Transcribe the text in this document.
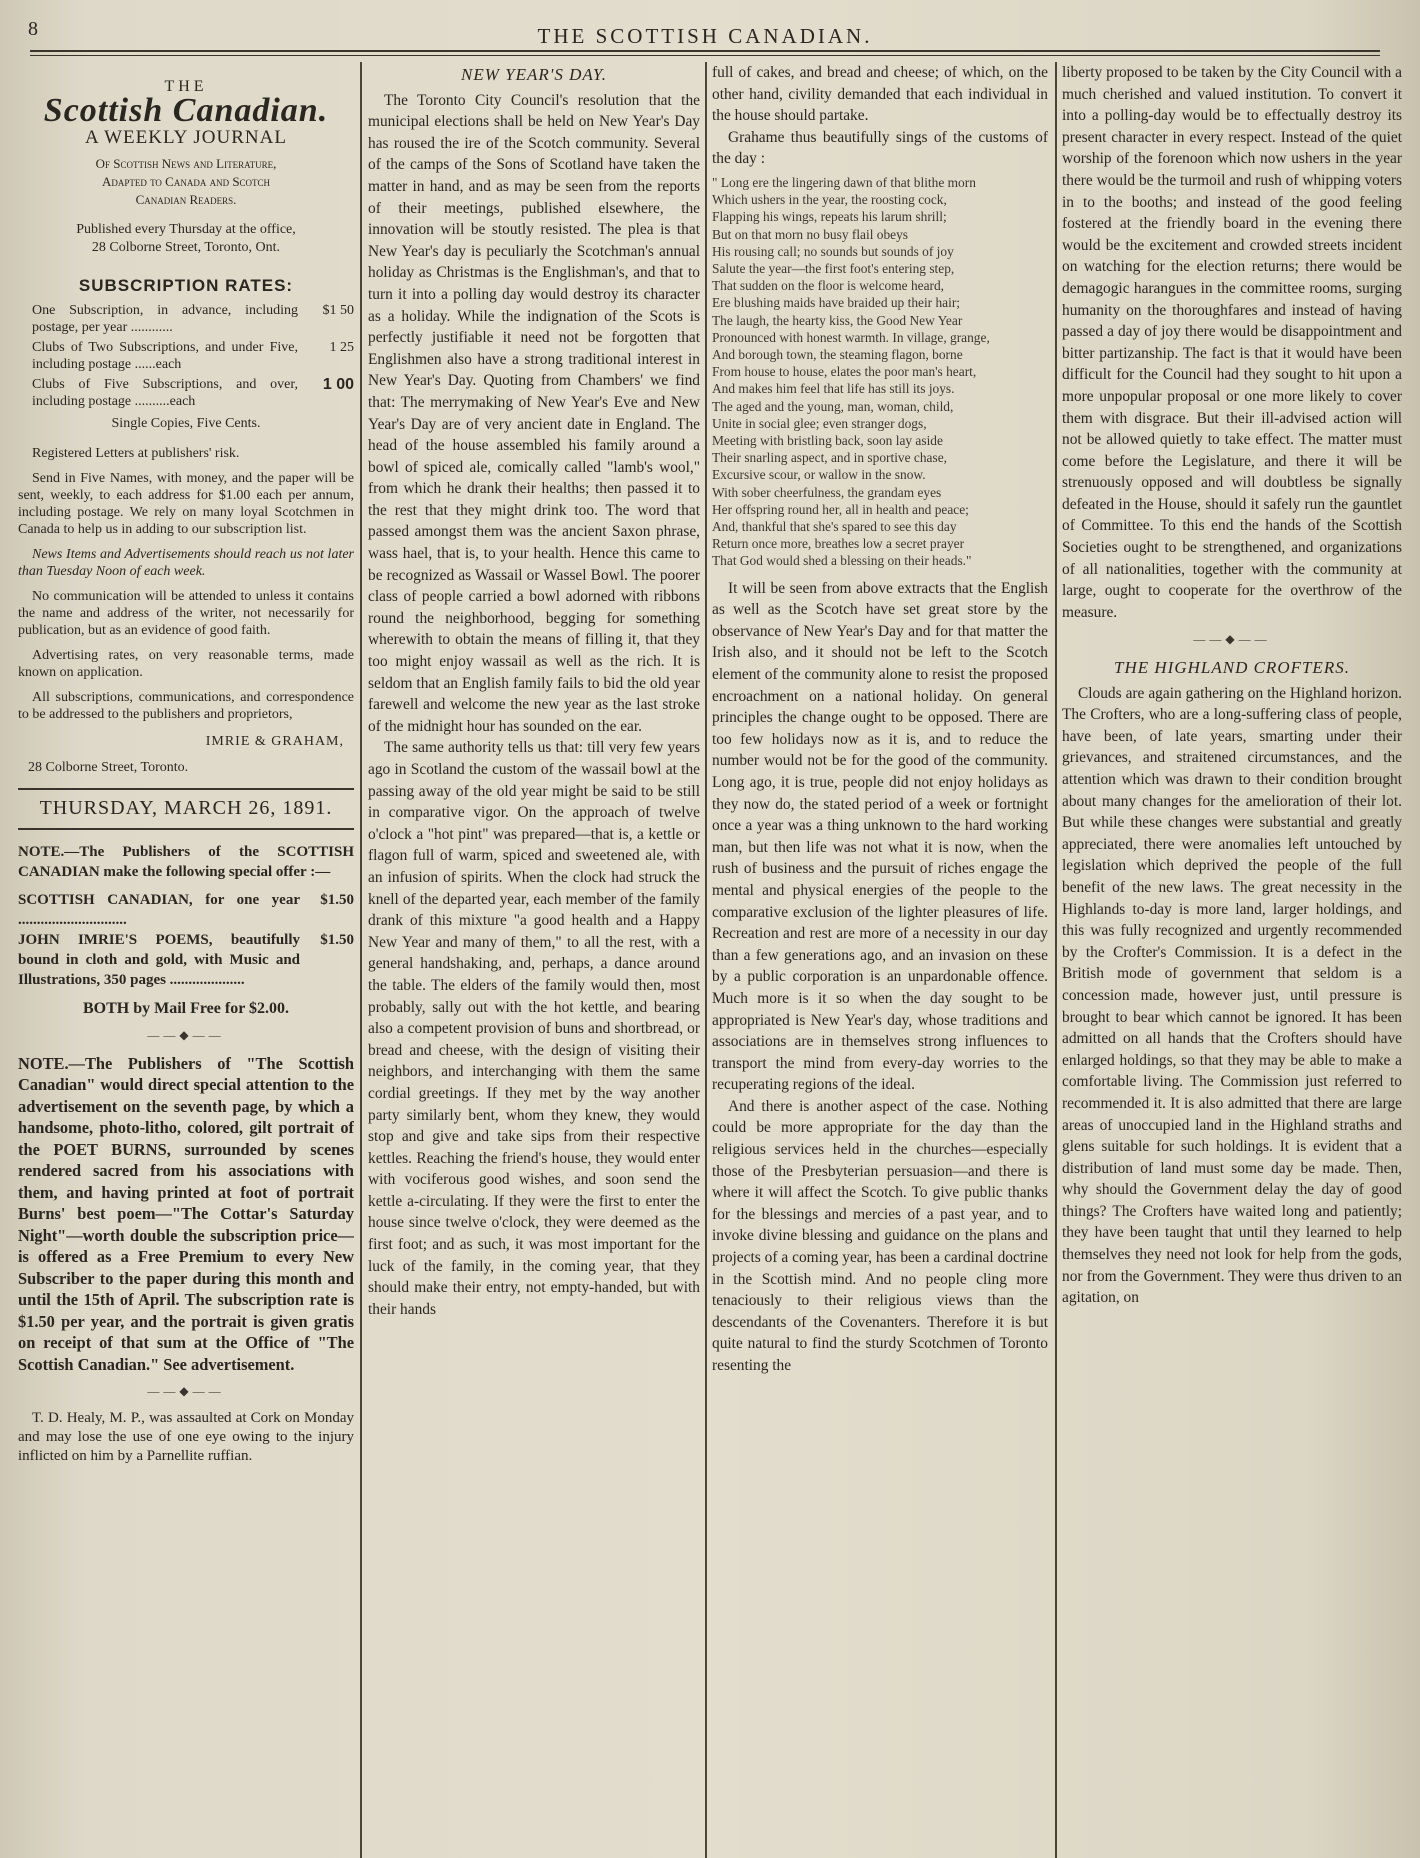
8	THE SCOTTISH CANADIAN.
THE
Scottish Canadian.
A WEEKLY JOURNAL
Of Scottish News and Literature,
Adapted to Canada and Scotch
Canadian Readers.
Published every Thursday at the office,
28 Colborne Street, Toronto, Ont.
SUBSCRIPTION RATES:
One Subscription, in advance, including postage, per year ............
$1 50
Clubs of Two Subscriptions, and under Five, including postage ......each
1 25
Clubs of Five Subscriptions, and over, including postage ..........each
1 00
Single Copies, Five Cents.
Registered Letters at publishers' risk.
Send in Five Names, with money, and the paper will be sent, weekly, to each address for $1.00 each per annum, including postage. We rely on many loyal Scotchmen in Canada to help us in adding to our subscription list.
News Items and Advertisements should reach us not later than Tuesday Noon of each week.
No communication will be attended to unless it contains the name and address of the writer, not necessarily for publication, but as an evidence of good faith.
Advertising rates, on very reasonable terms, made known on application.
All subscriptions, communications, and correspondence to be addressed to the publishers and proprietors,
IMRIE & GRAHAM,
28 Colborne Street, Toronto.
THURSDAY, MARCH 26, 1891.
NOTE.—The Publishers of the SCOTTISH CANADIAN make the following special offer :—
SCOTTISH CANADIAN, for one year .............................
$1.50
JOHN IMRIE'S POEMS, beautifully bound in cloth and gold, with Music and Illustrations, 350 pages ....................
$1.50
BOTH by Mail Free for $2.00.
——◆——
NOTE.—The Publishers of "The Scottish Canadian" would direct special attention to the advertisement on the seventh page, by which a handsome, photo-litho, colored, gilt portrait of the POET BURNS, surrounded by scenes rendered sacred from his associations with them, and having printed at foot of portrait Burns' best poem—"The Cottar's Saturday Night"—worth double the subscription price—is offered as a Free Premium to every New Subscriber to the paper during this month and until the 15th of April. The subscription rate is $1.50 per year, and the portrait is given gratis on receipt of that sum at the Office of "The Scottish Canadian." See advertisement.
——◆——
T. D. Healy, M. P., was assaulted at Cork on Monday and may lose the use of one eye owing to the injury inflicted on him by a Parnellite ruffian.
NEW YEAR'S DAY.

The Toronto City Council's resolution that the municipal elections shall be held on New Year's Day has roused the ire of the Scotch community. Several of the camps of the Sons of Scotland have taken the matter in hand, and as may be seen from the reports of their meetings, published elsewhere, the innovation will be stoutly resisted. The plea is that New Year's day is peculiarly the Scotchman's annual holiday as Christmas is the Englishman's, and that to turn it into a polling day would destroy its character as a holiday. While the indignation of the Scots is perfectly justifiable it need not be forgotten that Englishmen also have a strong traditional interest in New Year's Day. Quoting from Chambers' we find that: The merrymaking of New Year's Eve and New Year's Day are of very ancient date in England. The head of the house assembled his family around a bowl of spiced ale, comically called "lamb's wool," from which he drank their healths; then passed it to the rest that they might drink too. The word that passed amongst them was the ancient Saxon phrase, wass hael, that is, to your health. Hence this came to be recognized as Wassail or Wassel Bowl. The poorer class of people carried a bowl adorned with ribbons round the neighborhood, begging for something wherewith to obtain the means of filling it, that they too might enjoy wassail as well as the rich. It is seldom that an English family fails to bid the old year farewell and welcome the new year as the last stroke of the midnight hour has sounded on the ear.

The same authority tells us that: till very few years ago in Scotland the custom of the wassail bowl at the passing away of the old year might be said to be still in comparative vigor. On the approach of twelve o'clock a "hot pint" was prepared—that is, a kettle or flagon full of warm, spiced and sweetened ale, with an infusion of spirits. When the clock had struck the knell of the departed year, each member of the family drank of this mixture "a good health and a Happy New Year and many of them," to all the rest, with a general handshaking, and, perhaps, a dance around the table. The elders of the family would then, most probably, sally out with the hot kettle, and bearing also a competent provision of buns and shortbread, or bread and cheese, with the design of visiting their neighbors, and interchanging with them the same cordial greetings. If they met by the way another party similarly bent, whom they knew, they would stop and give and take sips from their respective kettles. Reaching the friend's house, they would enter with vociferous good wishes, and soon send the kettle a-circulating. If they were the first to enter the house since twelve o'clock, they were deemed as the first foot; and as such, it was most important for the luck of the family, in the coming year, that they should make their entry, not empty-handed, but with their hands

full of cakes, and bread and cheese; of which, on the other hand, civility demanded that each individual in the house should partake.

Grahame thus beautifully sings of the customs of the day :

" Long ere the lingering dawn of that blithe morn
Which ushers in the year, the roosting cock,
Flapping his wings, repeats his larum shrill;
But on that morn no busy flail obeys
His rousing call; no sounds but sounds of joy
Salute the year—the first foot's entering step,
That sudden on the floor is welcome heard,
Ere blushing maids have braided up their hair;
The laugh, the hearty kiss, the Good New Year
Pronounced with honest warmth. In village, grange,
And borough town, the steaming flagon, borne
From house to house, elates the poor man's heart,
And makes him feel that life has still its joys.
The aged and the young, man, woman, child,
Unite in social glee; even stranger dogs,
Meeting with bristling back, soon lay aside
Their snarling aspect, and in sportive chase,
Excursive scour, or wallow in the snow.
With sober cheerfulness, the grandam eyes
Her offspring round her, all in health and peace;
And, thankful that she's spared to see this day
Return once more, breathes low a secret prayer
That God would shed a blessing on their heads."

It will be seen from above extracts that the English as well as the Scotch have set great store by the observance of New Year's Day and for that matter the Irish also, and it should not be left to the Scotch element of the community alone to resist the proposed encroachment on a national holiday. On general principles the change ought to be opposed. There are too few holidays now as it is, and to reduce the number would not be for the good of the community. Long ago, it is true, people did not enjoy holidays as they now do, the stated period of a week or fortnight once a year was a thing unknown to the hard working man, but then life was not what it is now, when the rush of business and the pursuit of riches engage the mental and physical energies of the people to the comparative exclusion of the lighter pleasures of life. Recreation and rest are more of a necessity in our day than a few generations ago, and an invasion on these by a public corporation is an unpardonable offence. Much more is it so when the day sought to be appropriated is New Year's day, whose traditions and associations are in themselves strong influences to transport the mind from every-day worries to the recuperating regions of the ideal.

And there is another aspect of the case. Nothing could be more appropriate for the day than the religious services held in the churches—especially those of the Presbyterian persuasion—and there is where it will affect the Scotch. To give public thanks for the blessings and mercies of a past year, and to invoke divine blessing and guidance on the plans and projects of a coming year, has been a cardinal doctrine in the Scottish mind. And no people cling more tenaciously to their religious views than the descendants of the Covenanters. Therefore it is but quite natural to find the sturdy Scotchmen of Toronto resenting the

liberty proposed to be taken by the City Council with a much cherished and valued institution. To convert it into a polling-day would be to effectually destroy its present character in every respect. Instead of the quiet worship of the forenoon which now ushers in the year there would be the turmoil and rush of whipping voters in to the booths; and instead of the good feeling fostered at the friendly board in the evening there would be the excitement and crowded streets incident on watching for the election returns; there would be demagogic harangues in the committee rooms, surging humanity on the thoroughfares and instead of having passed a day of joy there would be disappointment and bitter partizanship. The fact is that it would have been difficult for the Council had they sought to hit upon a more unpopular proposal or one more likely to cover them with disgrace. But their ill-advised action will not be allowed quietly to take effect. The matter must come before the Legislature, and there it will be strenuously opposed and will doubtless be signally defeated in the House, should it safely run the gauntlet of Committee. To this end the hands of the Scottish Societies ought to be strengthened, and organizations of all nationalities, together with the community at large, ought to cooperate for the overthrow of the measure.

——◆——
THE HIGHLAND CROFTERS.

Clouds are again gathering on the Highland horizon. The Crofters, who are a long-suffering class of people, have been, of late years, smarting under their grievances, and straitened circumstances, and the attention which was drawn to their condition brought about many changes for the amelioration of their lot. But while these changes were substantial and greatly appreciated, there were anomalies left untouched by legislation which deprived the people of the full benefit of the new laws. The great necessity in the Highlands to-day is more land, larger holdings, and this was fully recognized and urgently recommended by the Crofter's Commission. It is a defect in the British mode of government that seldom is a concession made, however just, until pressure is brought to bear which cannot be ignored. It has been admitted on all hands that the Crofters should have enlarged holdings, so that they may be able to make a comfortable living. The Commission just referred to recommended it. It is also admitted that there are large areas of unoccupied land in the Highland straths and glens suitable for such holdings. It is evident that a distribution of land must some day be made. Then, why should the Government delay the day of good things? The Crofters have waited long and patiently; they have been taught that until they learned to help themselves they need not look for help from the gods, nor from the Government. They were thus driven to an agitation, on
